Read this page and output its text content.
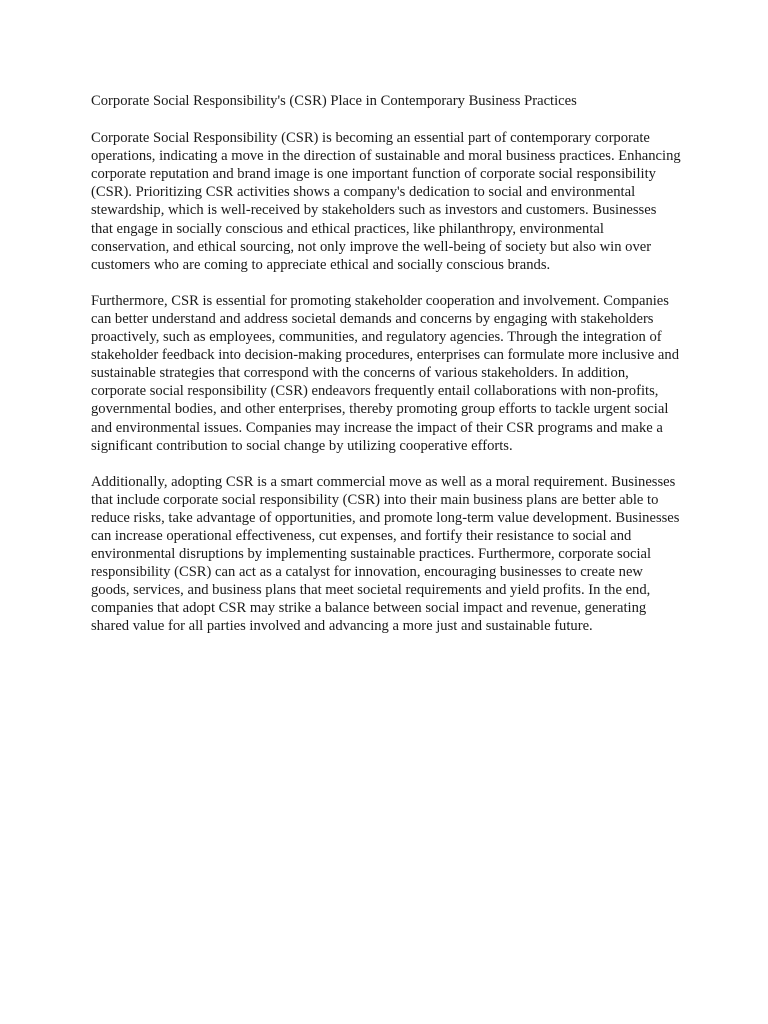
Corporate Social Responsibility's (CSR) Place in Contemporary Business Practices

Corporate Social Responsibility (CSR) is becoming an essential part of contemporary corporate operations, indicating a move in the direction of sustainable and moral business practices. Enhancing corporate reputation and brand image is one important function of corporate social responsibility (CSR). Prioritizing CSR activities shows a company's dedication to social and environmental stewardship, which is well-received by stakeholders such as investors and customers. Businesses that engage in socially conscious and ethical practices, like philanthropy, environmental conservation, and ethical sourcing, not only improve the well-being of society but also win over customers who are coming to appreciate ethical and socially conscious brands.

Furthermore, CSR is essential for promoting stakeholder cooperation and involvement. Companies can better understand and address societal demands and concerns by engaging with stakeholders proactively, such as employees, communities, and regulatory agencies. Through the integration of stakeholder feedback into decision-making procedures, enterprises can formulate more inclusive and sustainable strategies that correspond with the concerns of various stakeholders. In addition, corporate social responsibility (CSR) endeavors frequently entail collaborations with non-profits, governmental bodies, and other enterprises, thereby promoting group efforts to tackle urgent social and environmental issues. Companies may increase the impact of their CSR programs and make a significant contribution to social change by utilizing cooperative efforts.

Additionally, adopting CSR is a smart commercial move as well as a moral requirement. Businesses that include corporate social responsibility (CSR) into their main business plans are better able to reduce risks, take advantage of opportunities, and promote long-term value development. Businesses can increase operational effectiveness, cut expenses, and fortify their resistance to social and environmental disruptions by implementing sustainable practices. Furthermore, corporate social responsibility (CSR) can act as a catalyst for innovation, encouraging businesses to create new goods, services, and business plans that meet societal requirements and yield profits. In the end, companies that adopt CSR may strike a balance between social impact and revenue, generating shared value for all parties involved and advancing a more just and sustainable future.
